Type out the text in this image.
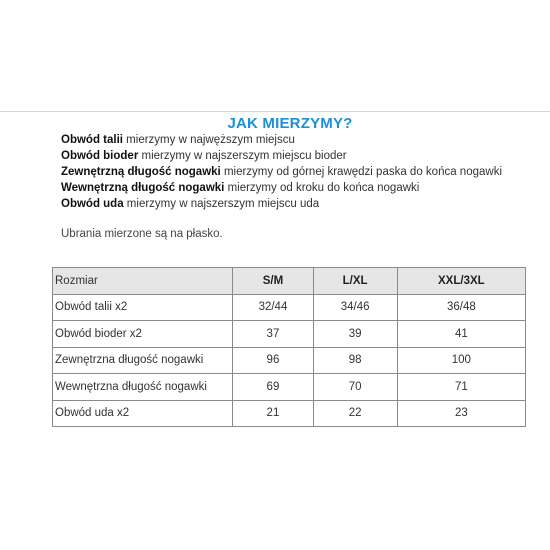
JAK MIERZYMY?
Obwód talii mierzymy w najwęższym miejscu
Obwód bioder mierzymy w najszerszym miejscu bioder
Zewnętrzną długość nogawki mierzymy od górnej krawędzi paska do końca nogawki
Wewnętrzną długość nogawki mierzymy od kroku do końca nogawki
Obwód uda mierzymy w najszerszym miejscu uda
Ubrania mierzone są na płasko.
Rozmiar	S/M	L/XL	XXL/3XL
Obwód talii x2	32/44	34/46	36/48
Obwód bioder x2	37	39	41
Zewnętrzna długość nogawki	96	98	100
Wewnętrzna długość nogawki	69	70	71
Obwód uda x2	21	22	23
